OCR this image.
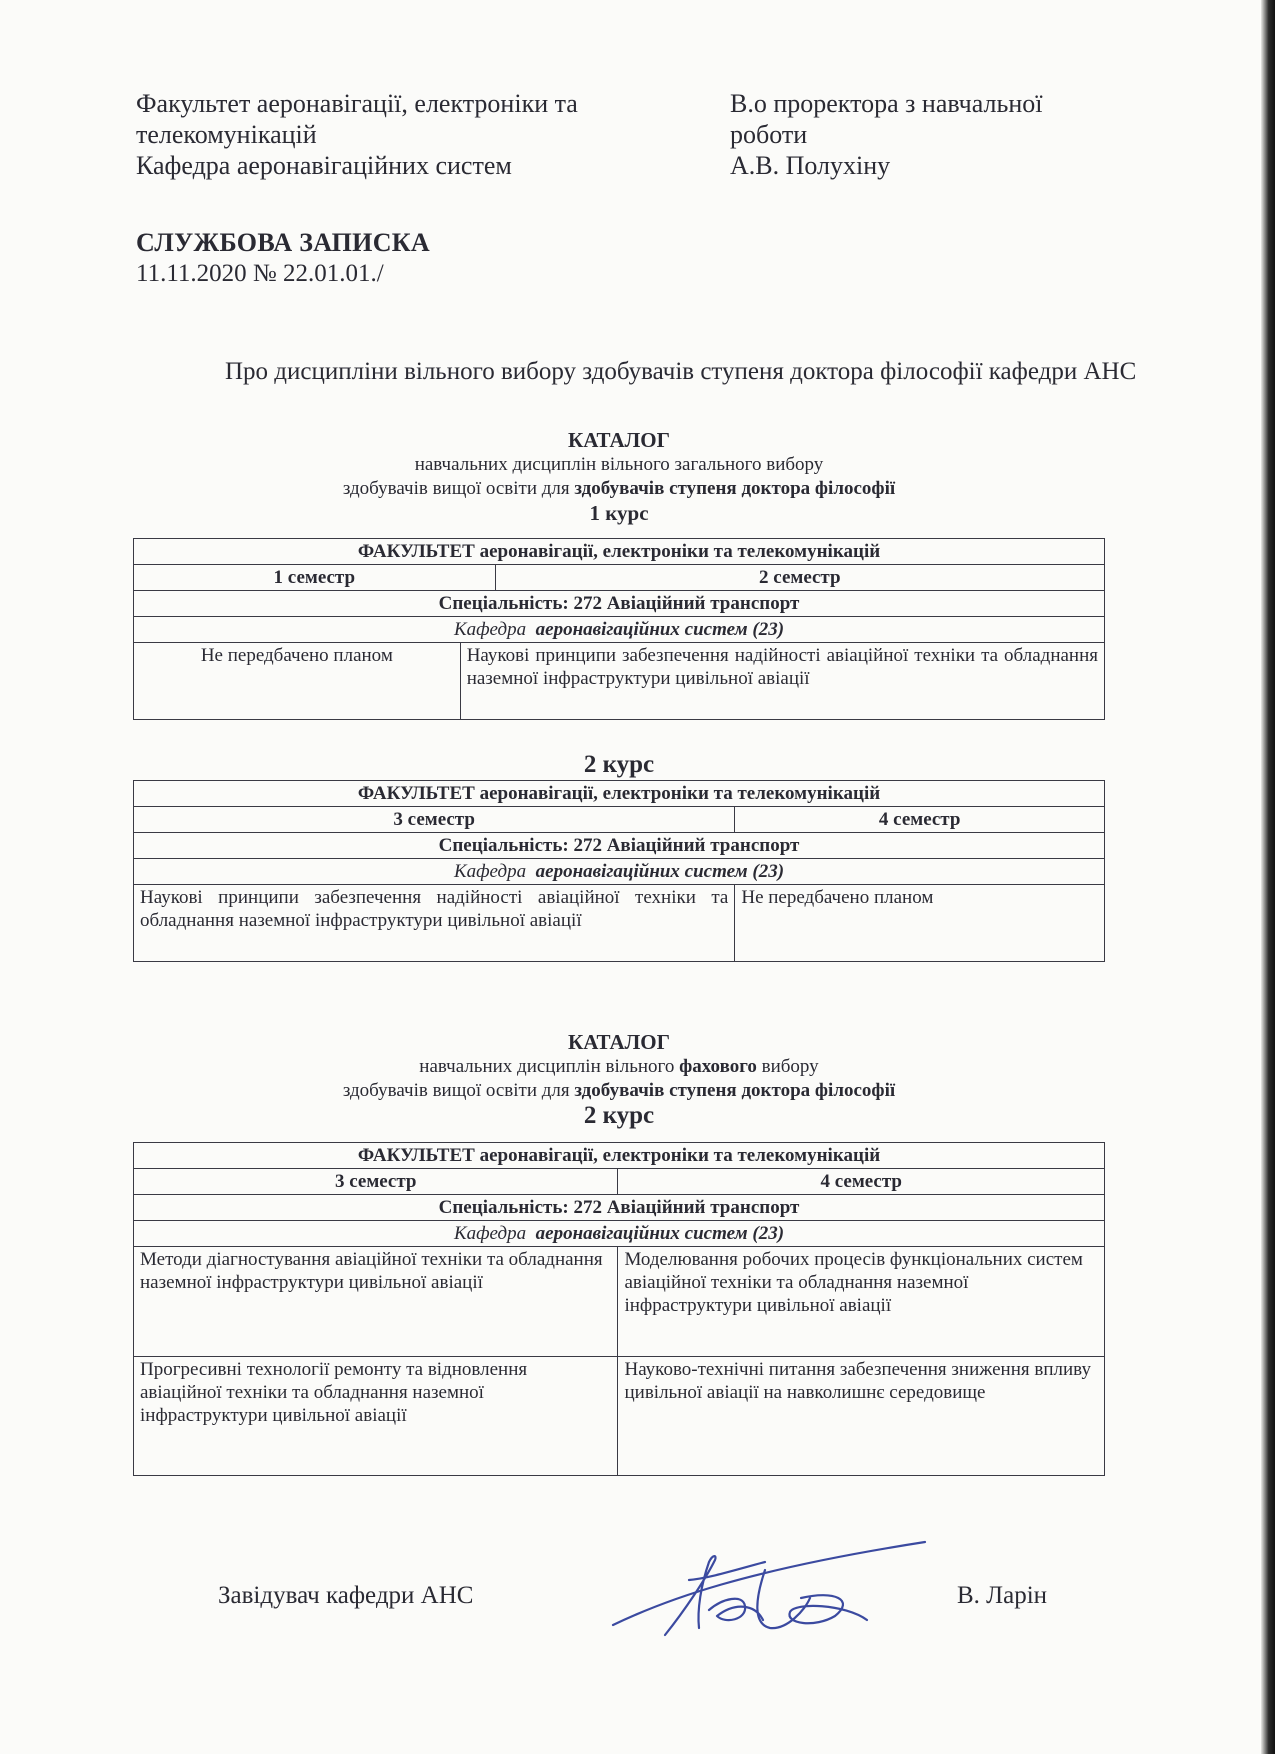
Факультет аеронавігації, електроніки та
телекомунікацій
Кафедра аеронавігаційних систем
В.о проректора з навчальної
роботи
А.В. Полухіну
СЛУЖБОВА ЗАПИСКА
11.11.2020 № 22.01.01./
Про дисципліни вільного вибору здобувачів ступеня доктора філософії кафедри АНС
КАТАЛОГ
навчальних дисциплін вільного загального вибору
здобувачів вищої освіти для здобувачів ступеня доктора філософії
1 курс
ФАКУЛЬТЕТ аеронавігації, електроніки та телекомунікацій		
1 семестр		2 семестр
Спеціальність: 272 Авіаційний транспорт		
Кафедра аеронавігаційних систем (23)		
Не передбачено планом	Наукові принципи забезпечення надійності авіаційної техніки та обладнання наземної інфраструктури цивільної авіації	
2 курс
ФАКУЛЬТЕТ аеронавігації, електроніки та телекомунікацій	
3 семестр	4 семестр
Спеціальність: 272 Авіаційний транспорт	
Кафедра аеронавігаційних систем (23)	
Наукові принципи забезпечення надійності авіаційної техніки та обладнання наземної інфраструктури цивільної авіації	Не передбачено планом
КАТАЛОГ
навчальних дисциплін вільного фахового вибору
здобувачів вищої освіти для здобувачів ступеня доктора філософії
2 курс
ФАКУЛЬТЕТ аеронавігації, електроніки та телекомунікацій	
3 семестр	4 семестр
Спеціальність: 272 Авіаційний транспорт	
Кафедра аеронавігаційних систем (23)	
Методи діагностування авіаційної техніки та обладнання наземної інфраструктури цивільної авіації	Моделювання робочих процесів функціональних систем авіаційної техніки та обладнання наземної інфраструктури цивільної авіації
Прогресивні технології ремонту та відновлення авіаційної техніки та обладнання наземної інфраструктури цивільної авіації	Науково-технічні питання забезпечення зниження впливу цивільної авіації на навколишнє середовище
Завідувач кафедри АНС	В. Ларін
